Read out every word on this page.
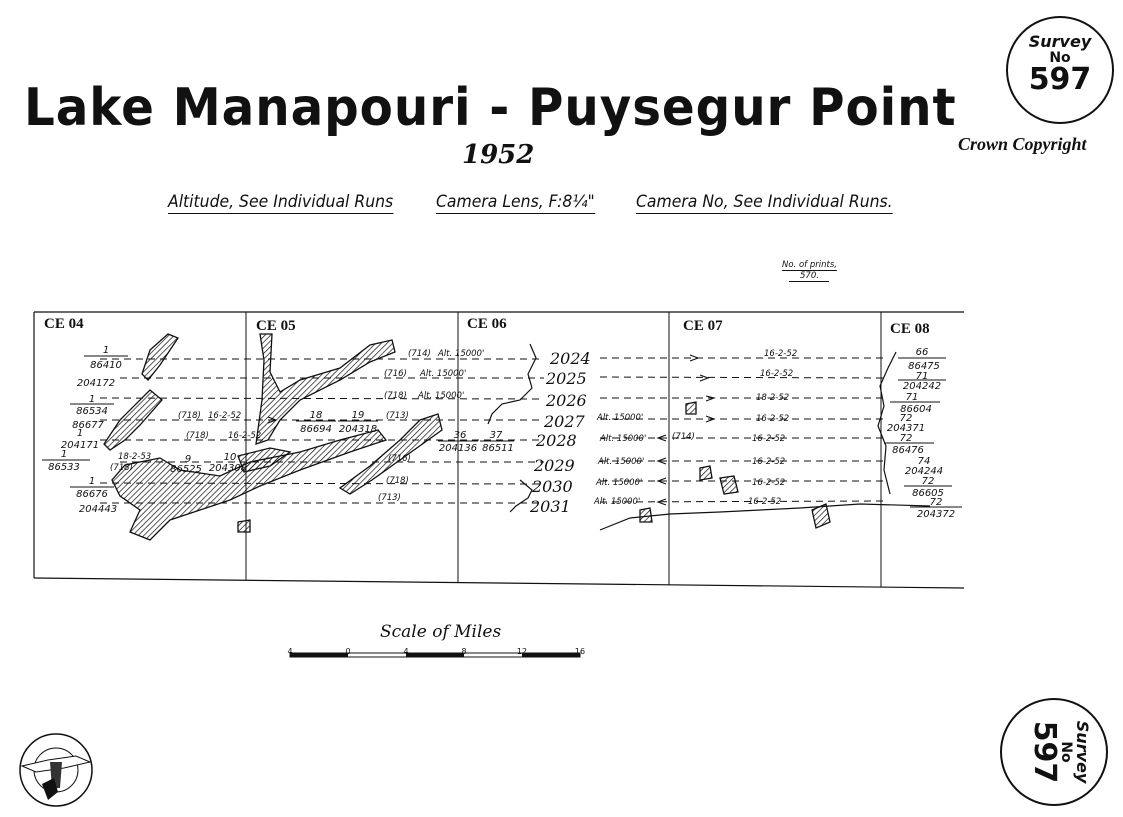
Lake Manapouri - Puysegur Point
1952	Crown Copyright
Altitude, See Individual Runs	Camera Lens, F:8¼" Camera No, See Individual Runs.
No. of prints,
570.
Survey
No
597
Survey
No
597
CE 04	CE 05	CE 06	CE 07	CE 08
2024
2025
2026
2027
2028
2029
2030
2031
(714) Alt. 15000'
(716) Alt. 15000'
(718) Alt. 15000'
(713)
(716)
(718)
(713)
Alt. 15000'
Alt. 15000'	(714)
Alt. 15000'
Alt. 15000'
Alt. 15000'
16-2-52
16-2-52
18-2-52
16-2-52
16-2-52
16-2-52
16-2-52
16-2-52
(718) 16-2-52
(718) 16-2-52
(718)
18-2-53
1
86410
204172
1
86534
86677
1
204171
1
86533
1
86676
204443
18
86694
19
204318
9
86525
10
204308
36
204136
37
86511
66
86475
71
204242
71
86604
72
204371
72
86476
74
204244
72
86605
72
204372
Scale of Miles
4	0	4	8	12	16
